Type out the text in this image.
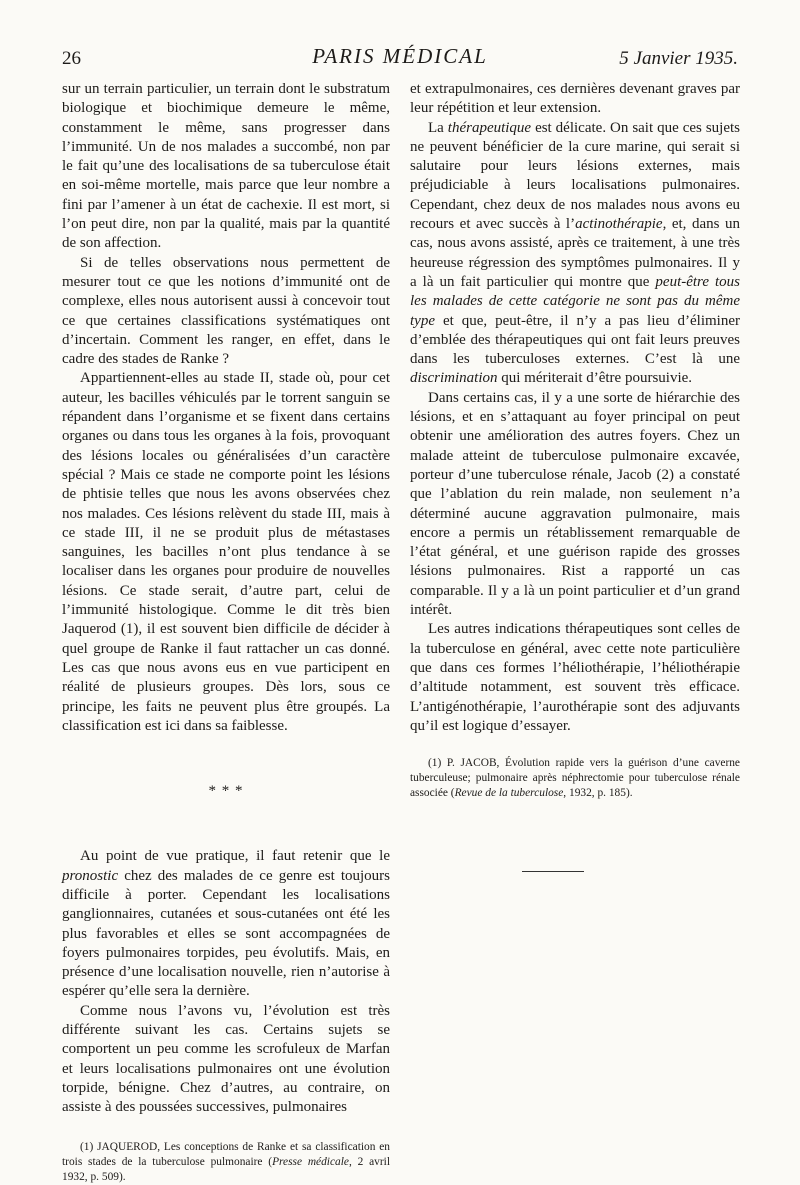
26	PARIS MÉDICAL	5 Janvier 1935.

sur un terrain particulier, un terrain dont le substratum biologique et biochimique demeure le même, constamment le même, sans progresser dans l’immunité. Un de nos malades a succombé, non par le fait qu’une des localisations de sa tuberculose était en soi-même mortelle, mais parce que leur nombre a fini par l’amener à un état de cachexie. Il est mort, si l’on peut dire, non par la qualité, mais par la quantité de son affection.

Si de telles observations nous permettent de mesurer tout ce que les notions d’immunité ont de complexe, elles nous autorisent aussi à concevoir tout ce que certaines classifications systématiques ont d’incertain. Comment les ranger, en effet, dans le cadre des stades de Ranke ?

Appartiennent-elles au stade II, stade où, pour cet auteur, les bacilles véhiculés par le torrent sanguin se répandent dans l’organisme et se fixent dans certains organes ou dans tous les organes à la fois, provoquant des lésions locales ou généralisées d’un caractère spécial ? Mais ce stade ne comporte point les lésions de phtisie telles que nous les avons observées chez nos malades. Ces lésions relèvent du stade III, mais à ce stade III, il ne se produit plus de métastases sanguines, les bacilles n’ont plus tendance à se localiser dans les organes pour produire de nouvelles lésions. Ce stade serait, d’autre part, celui de l’immunité histologique. Comme le dit très bien Jaquerod (1), il est souvent bien difficile de décider à quel groupe de Ranke il faut rattacher un cas donné. Les cas que nous avons eus en vue participent en réalité de plusieurs groupes. Dès lors, sous ce principe, les faits ne peuvent plus être groupés. La classification est ici dans sa faiblesse.

* * *

Au point de vue pratique, il faut retenir que le pronostic chez des malades de ce genre est toujours difficile à porter. Cependant les localisations ganglionnaires, cutanées et sous-cutanées ont été les plus favorables et elles se sont accompagnées de foyers pulmonaires torpides, peu évolutifs. Mais, en présence d’une localisation nouvelle, rien n’autorise à espérer qu’elle sera la dernière.

Comme nous l’avons vu, l’évolution est très différente suivant les cas. Certains sujets se comportent un peu comme les scrofuleux de Marfan et leurs localisations pulmonaires ont une évolution torpide, bénigne. Chez d’autres, au contraire, on assiste à des poussées successives, pulmonaires

(1) JAQUEROD, Les conceptions de Ranke et sa classification en trois stades de la tuberculose pulmonaire (Presse médicale, 2 avril 1932, p. 509).

et extrapulmonaires, ces dernières devenant graves par leur répétition et leur extension.

La thérapeutique est délicate. On sait que ces sujets ne peuvent bénéficier de la cure marine, qui serait si salutaire pour leurs lésions externes, mais préjudiciable à leurs localisations pulmonaires. Cependant, chez deux de nos malades nous avons eu recours et avec succès à l’actinothérapie, et, dans un cas, nous avons assisté, après ce traitement, à une très heureuse régression des symptômes pulmonaires. Il y a là un fait particulier qui montre que peut-être tous les malades de cette catégorie ne sont pas du même type et que, peut-être, il n’y a pas lieu d’éliminer d’emblée des thérapeutiques qui ont fait leurs preuves dans les tuberculoses externes. C’est là une discrimination qui mériterait d’être poursuivie.

Dans certains cas, il y a une sorte de hiérarchie des lésions, et en s’attaquant au foyer principal on peut obtenir une amélioration des autres foyers. Chez un malade atteint de tuberculose pulmonaire excavée, porteur d’une tuberculose rénale, Jacob (2) a constaté que l’ablation du rein malade, non seulement n’a déterminé aucune aggravation pulmonaire, mais encore a permis un rétablissement remarquable de l’état général, et une guérison rapide des grosses lésions pulmonaires. Rist a rapporté un cas comparable. Il y a là un point particulier et d’un grand intérêt.

Les autres indications thérapeutiques sont celles de la tuberculose en général, avec cette note particulière que dans ces formes l’héliothérapie, l’héliothérapie d’altitude notamment, est souvent très efficace. L’antigénothérapie, l’aurothérapie sont des adjuvants qu’il est logique d’essayer.

(1) P. JACOB, Évolution rapide vers la guérison d’une caverne tuberculeuse; pulmonaire après néphrectomie pour tuberculose rénale associée (Revue de la tuberculose, 1932, p. 185).
